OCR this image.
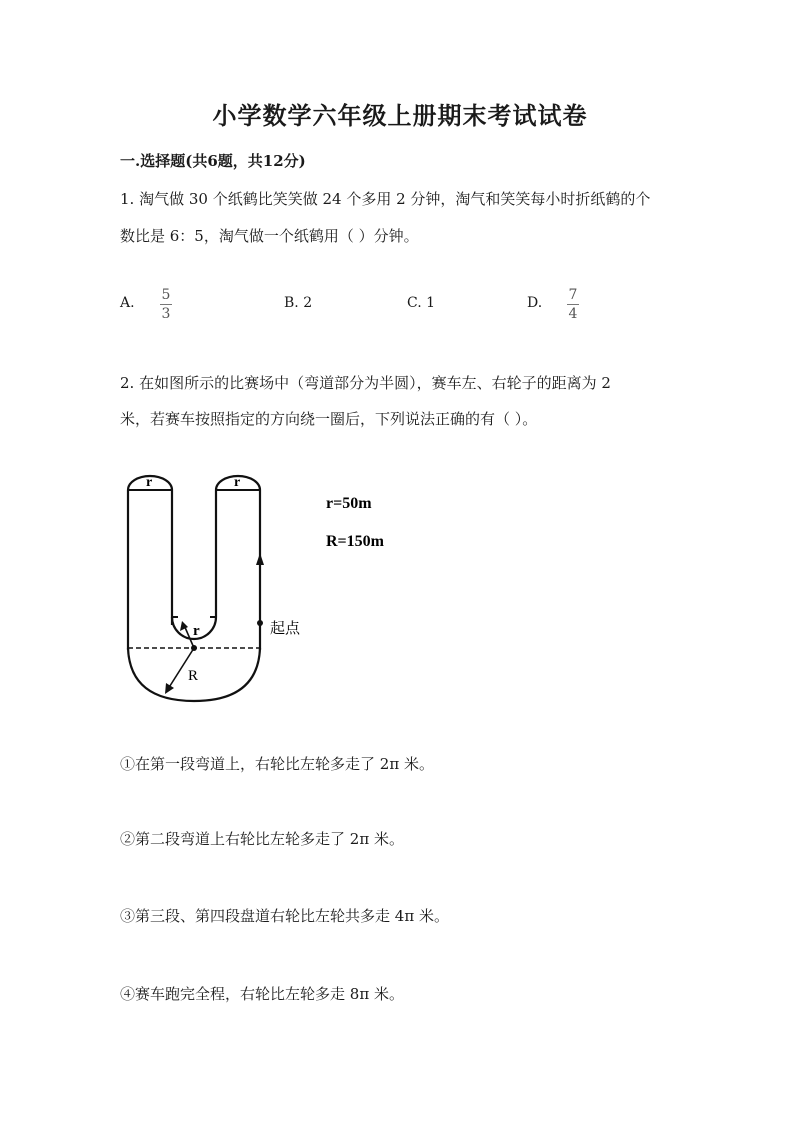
小学数学六年级上册期末考试试卷
一.选择题(共6题，共12分)
1. 淘气做 30 个纸鹤比笑笑做 24 个多用 2 分钟，淘气和笑笑每小时折纸鹤的个
数比是 6：5，淘气做一个纸鹤用（ ）分钟。
A. 5
3
B. 2	C. 1	D. 7
4
2. 在如图所示的比赛场中（弯道部分为半圆），赛车左、右轮子的距离为 2
米，若赛车按照指定的方向绕一圈后，下列说法正确的有（ ）。
r	r
r
R
起点
r=50m
R=150m
①在第一段弯道上，右轮比左轮多走了 2π 米。
②第二段弯道上右轮比左轮多走了 2π 米。
③第三段、第四段盘道右轮比左轮共多走 4π 米。
④赛车跑完全程，右轮比左轮多走 8π 米。
